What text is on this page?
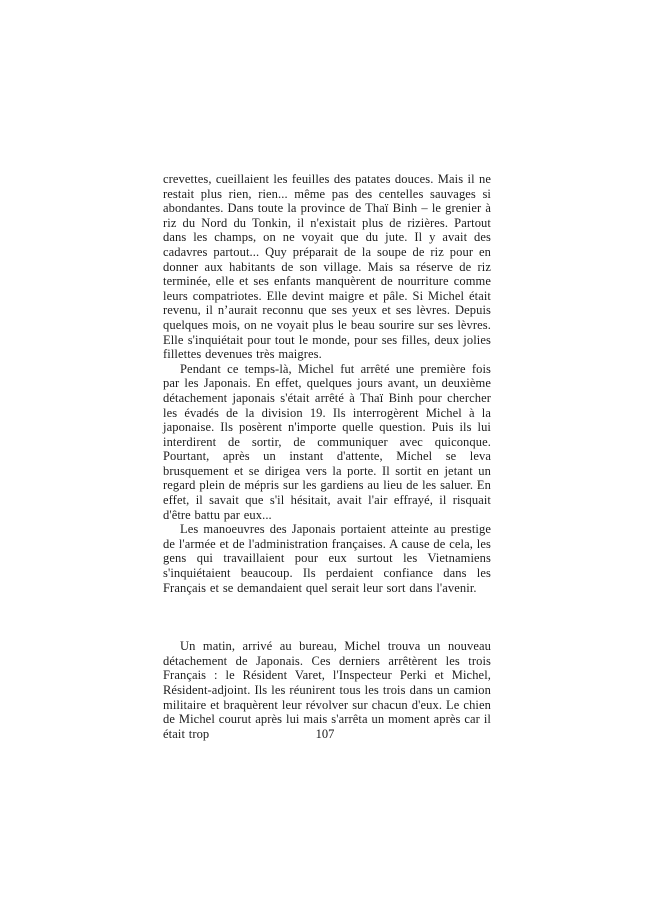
crevettes, cueillaient les feuilles des patates douces. Mais il ne restait plus rien, rien... même pas des centelles sauvages si abondantes. Dans toute la province de Thaï Binh – le grenier à riz du Nord du Tonkin, il n'existait plus de rizières. Partout dans les champs, on ne voyait que du jute. Il y avait des cadavres partout... Quy préparait de la soupe de riz pour en donner aux habitants de son village. Mais sa réserve de riz terminée, elle et ses enfants manquèrent de nourriture comme leurs compatriotes. Elle devint maigre et pâle. Si Michel était revenu, il n’aurait reconnu que ses yeux et ses lèvres. Depuis quelques mois, on ne voyait plus le beau sourire sur ses lèvres. Elle s'inquiétait pour tout le monde, pour ses filles, deux jolies fillettes devenues très maigres.

Pendant ce temps-là, Michel fut arrêté une première fois par les Japonais. En effet, quelques jours avant, un deuxième détachement japonais s'était arrêté à Thaï Binh pour chercher les évadés de la division 19. Ils interrogèrent Michel à la japonaise. Ils posèrent n'importe quelle question. Puis ils lui interdirent de sortir, de communiquer avec quiconque. Pourtant, après un instant d'attente, Michel se leva brusquement et se dirigea vers la porte. Il sortit en jetant un regard plein de mépris sur les gardiens au lieu de les saluer. En effet, il savait que s'il hésitait, avait l'air effrayé, il risquait d'être battu par eux...

Les manoeuvres des Japonais portaient atteinte au prestige de l'armée et de l'administration françaises. A cause de cela, les gens qui travaillaient pour eux surtout les Vietnamiens s'inquiétaient beaucoup. Ils perdaient confiance dans les Français et se demandaient quel serait leur sort dans l'avenir.

Un matin, arrivé au bureau, Michel trouva un nouveau détachement de Japonais. Ces derniers arrêtèrent les trois Français : le Résident Varet, l'Inspecteur Perki et Michel, Résident-adjoint. Ils les réunirent tous les trois dans un camion militaire et braquèrent leur révolver sur chacun d'eux. Le chien de Michel courut après lui mais s'arrêta un moment après car il était trop	107
